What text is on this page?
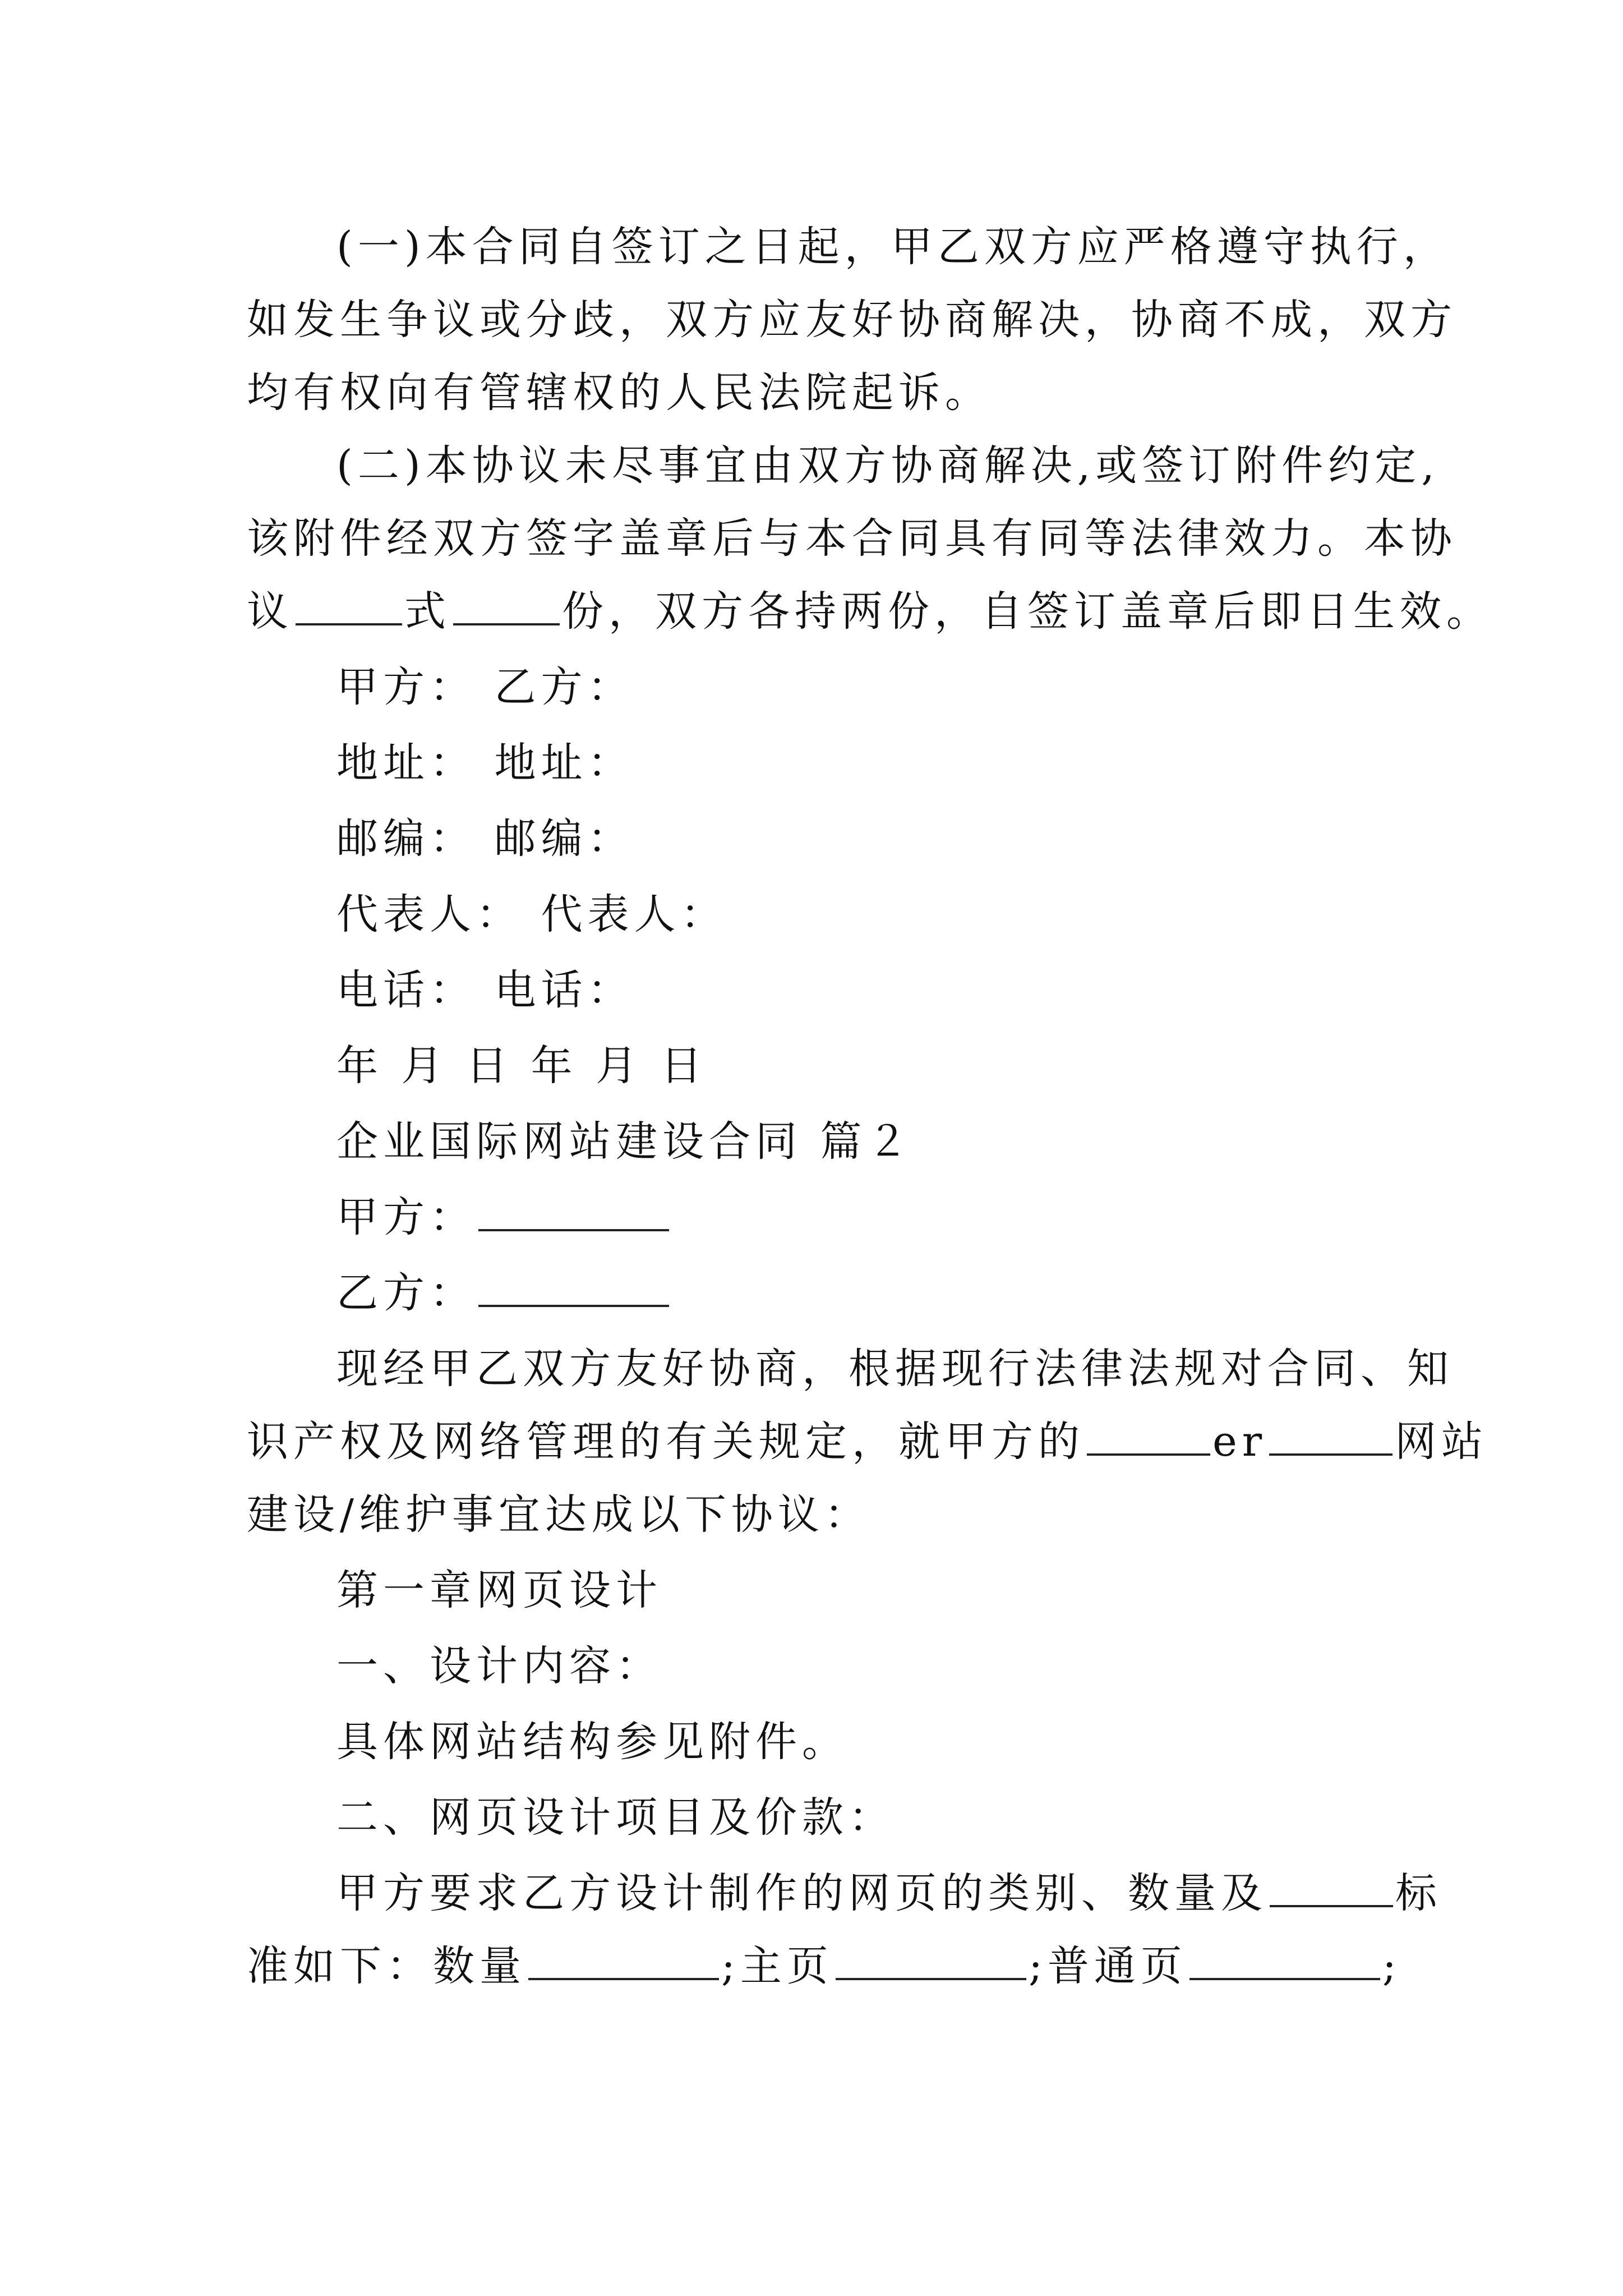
(一)本合同自签订之日起，甲乙双方应严格遵守执行，
如发生争议或分歧，双方应友好协商解决，协商不成，双方
均有权向有管辖权的人民法院起诉。
(二)本协议未尽事宜由双方协商解决,或签订附件约定,
该附件经双方签字盖章后与本合同具有同等法律效力。本协
议	式	份，双方各持两份，自签订盖章后即日生效。
甲方： 乙方：
地址： 地址：
邮编： 邮编：
代表人： 代表人：
电话： 电话：
年 月 日 年 月 日
企业国际网站建设合同 篇２
甲方：
乙方：
现经甲乙双方友好协商，根据现行法律法规对合同、知
识产权及网络管理的有关规定，就甲方的	er	网站
建设/维护事宜达成以下协议：
第一章网页设计
一、设计内容：
具体网站结构参见附件。
二、网页设计项目及价款：
甲方要求乙方设计制作的网页的类别、数量及	标
准如下：数量	;主页	;普通页	;
